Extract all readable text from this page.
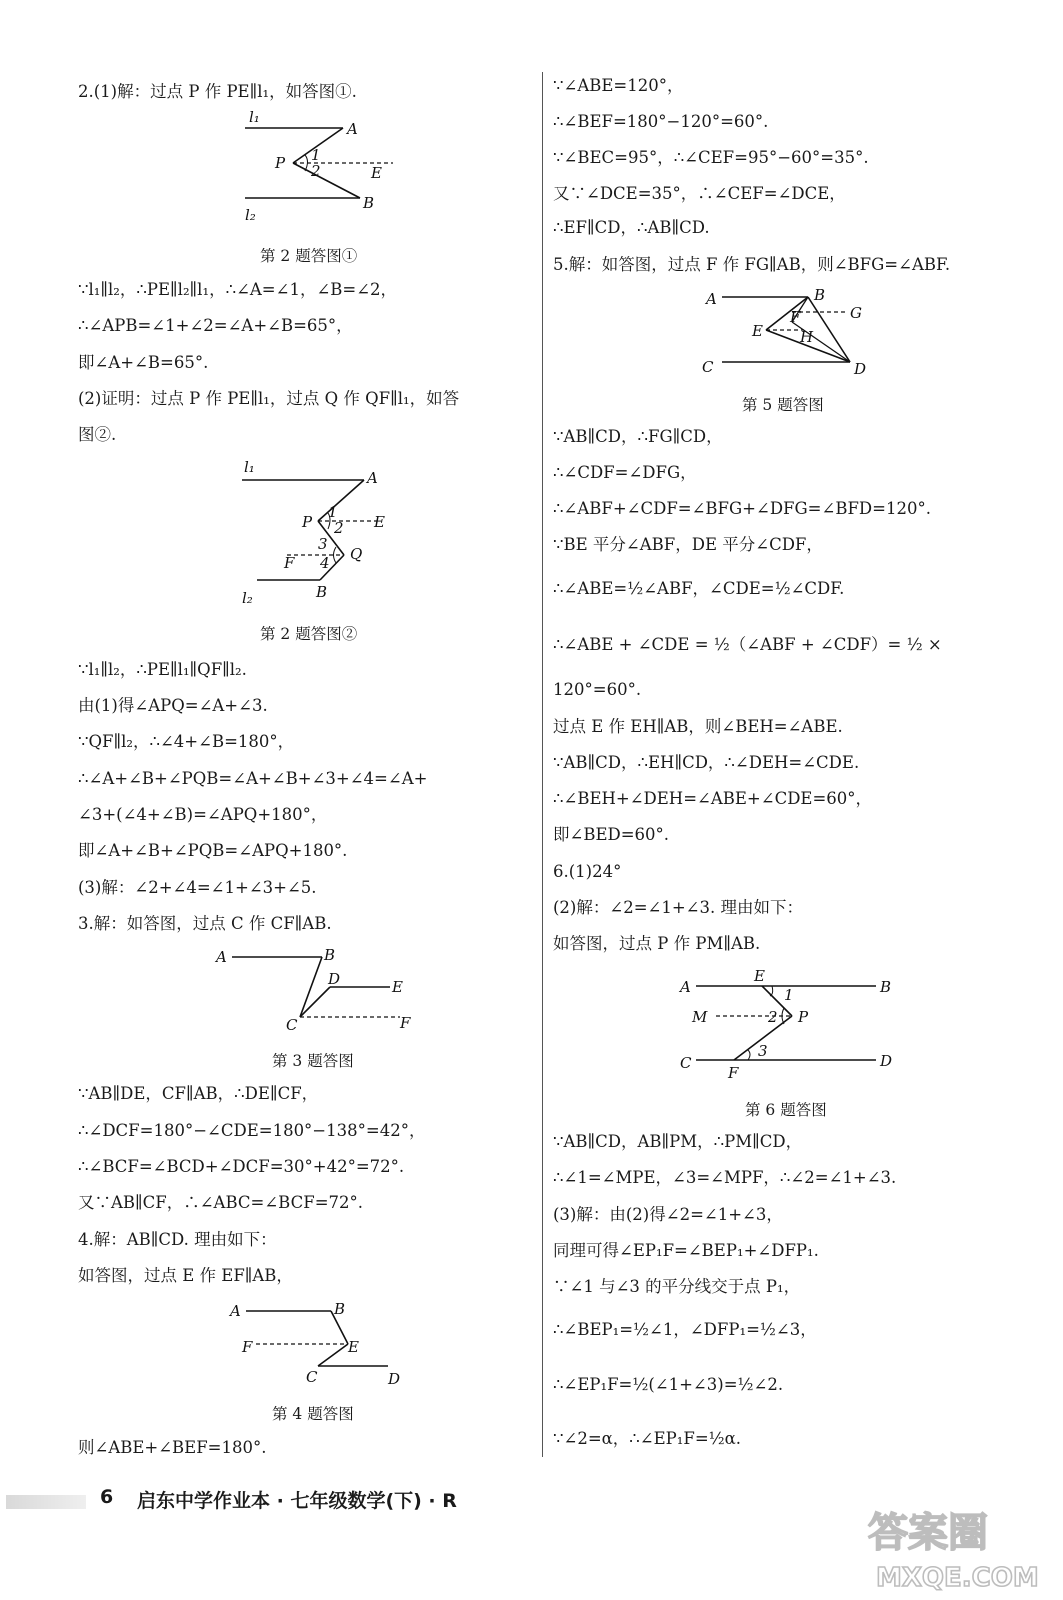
2.(1)解：过点 P 作 PE∥l₁，如答图①.
∵l₁∥l₂，∴PE∥l₂∥l₁，∴∠A=∠1，∠B=∠2，
∴∠APB=∠1+∠2=∠A+∠B=65°，
即∠A+∠B=65°.
(2)证明：过点 P 作 PE∥l₁，过点 Q 作 QF∥l₁，如答
图②.
∵l₁∥l₂，∴PE∥l₁∥QF∥l₂.
由(1)得∠APQ=∠A+∠3.
∵QF∥l₂，∴∠4+∠B=180°，
∴∠A+∠B+∠PQB=∠A+∠B+∠3+∠4=∠A+
∠3+(∠4+∠B)=∠APQ+180°，
即∠A+∠B+∠PQB=∠APQ+180°.
(3)解：∠2+∠4=∠1+∠3+∠5.
3.解：如答图，过点 C 作 CF∥AB.
∵AB∥DE，CF∥AB，∴DE∥CF，
∴∠DCF=180°−∠CDE=180°−138°=42°，
∴∠BCF=∠BCD+∠DCF=30°+42°=72°.
又∵AB∥CF，∴∠ABC=∠BCF=72°.
4.解：AB∥CD. 理由如下：
如答图，过点 E 作 EF∥AB，
则∠ABE+∠BEF=180°.
∵∠ABE=120°，
∴∠BEF=180°−120°=60°.
∵∠BEC=95°，∴∠CEF=95°−60°=35°.
又∵∠DCE=35°，∴∠CEF=∠DCE，
∴EF∥CD，∴AB∥CD.
5.解：如答图，过点 F 作 FG∥AB，则∠BFG=∠ABF.
∵AB∥CD，∴FG∥CD，
∴∠CDF=∠DFG，
∴∠ABF+∠CDF=∠BFG+∠DFG=∠BFD=120°.
∵BE 平分∠ABF，DE 平分∠CDF，
∴∠ABE=½∠ABF，∠CDE=½∠CDF.
∴∠ABE + ∠CDE = ½（∠ABF + ∠CDF）= ½ ×
120°=60°.
过点 E 作 EH∥AB，则∠BEH=∠ABE.
∵AB∥CD，∴EH∥CD，∴∠DEH=∠CDE.
∴∠BEH+∠DEH=∠ABE+∠CDE=60°，
即∠BED=60°.
6.(1)24°
(2)解：∠2=∠1+∠3. 理由如下：
如答图，过点 P 作 PM∥AB.
∵AB∥CD，AB∥PM，∴PM∥CD，
∴∠1=∠MPE，∠3=∠MPF，∴∠2=∠1+∠3.
(3)解：由(2)得∠2=∠1+∠3，
同理可得∠EP₁F=∠BEP₁+∠DFP₁.
∵∠1 与∠3 的平分线交于点 P₁，
∴∠BEP₁=½∠1，∠DFP₁=½∠3，
∴∠EP₁F=½(∠1+∠3)=½∠2.
∵∠2=α，∴∠EP₁F=½α.
l₁
A
P 1
2	E
B
l₂
第 2 题答图①
l₁
A
P
1
2 E
3
Q
F 4
B
l₂
第 2 题答图②
A	B
D	E
C	F
第 3 题答图
A	B
F	E
C	D
第 4 题答图
A	B
F	G
E H
C	D
第 5 题答图
A
E
1	B
M	2 P
3
C
F
D
第 6 题答图
6 启东中学作业本 · 七年级数学(下) · R
答案圈
MXQE.COM
